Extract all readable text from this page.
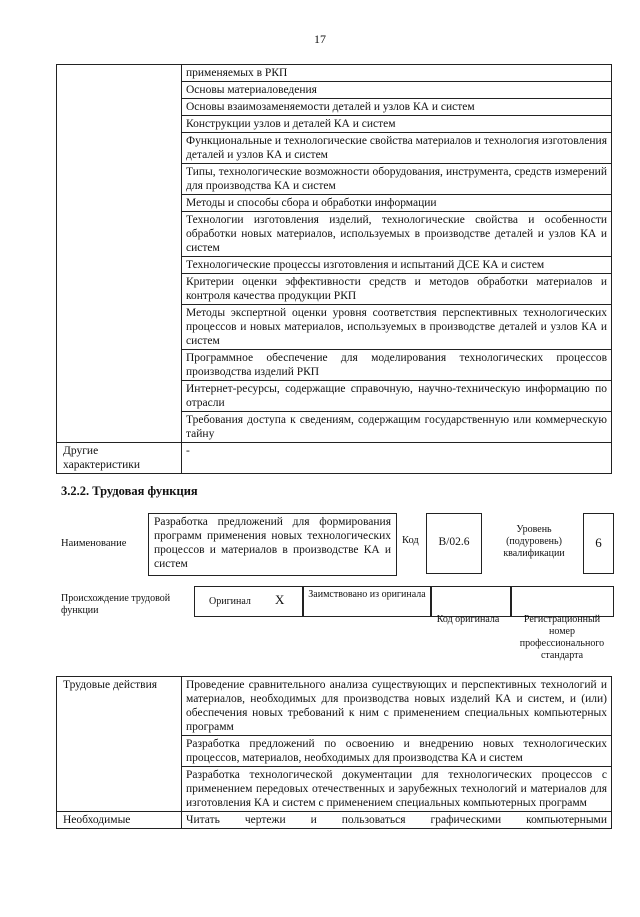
17
	применяемых в РКП
	Основы материаловедения
	Основы взаимозаменяемости деталей и узлов КА и систем
	Конструкции узлов и деталей КА и систем
	Функциональные и технологические свойства материалов и технология изготовления деталей и узлов КА и систем
	Типы, технологические возможности оборудования, инструмента, средств измерений для производства КА и систем
	Методы и способы сбора и обработки информации
	Технологии изготовления изделий, технологические свойства и особенности обработки новых материалов, используемых в производстве деталей и узлов КА и систем
	Технологические процессы изготовления и испытаний ДСЕ КА и систем
	Критерии оценки эффективности средств и методов обработки материалов и контроля качества продукции РКП
	Методы экспертной оценки уровня соответствия перспективных технологических процессов и новых материалов, используемых в производстве деталей и узлов КА и систем
	Программное обеспечение для моделирования технологических процессов производства изделий РКП
	Интернет-ресурсы, содержащие справочную, научно-техническую информацию по отрасли
	Требования доступа к сведениям, содержащим государственную или коммерческую тайну
Другие характеристики	-
3.2.2. Трудовая функция
Наименование
Разработка предложений для формирования программ применения новых технологических процессов и материалов в производстве КА и систем
Код	B/02.6
Уровень (подуровень) квалификации
6
Происхождение трудовой функции
Оригинал X	Заимствовано из оригинала
Код оригинала	Регистрационный номер профессионального стандарта
Трудовые действия	Проведение сравнительного анализа существующих и перспективных технологий и материалов, необходимых для производства новых изделий КА и систем, и (или) обеспечения новых требований к ним с применением специальных компьютерных программ
	Разработка предложений по освоению и внедрению новых технологических процессов, материалов, необходимых для производства КА и систем
	Разработка технологической документации для технологических процессов с применением передовых отечественных и зарубежных технологий и материалов для изготовления КА и систем с применением специальных компьютерных программ
Необходимые	Читать чертежи и пользоваться графическими компьютерными
